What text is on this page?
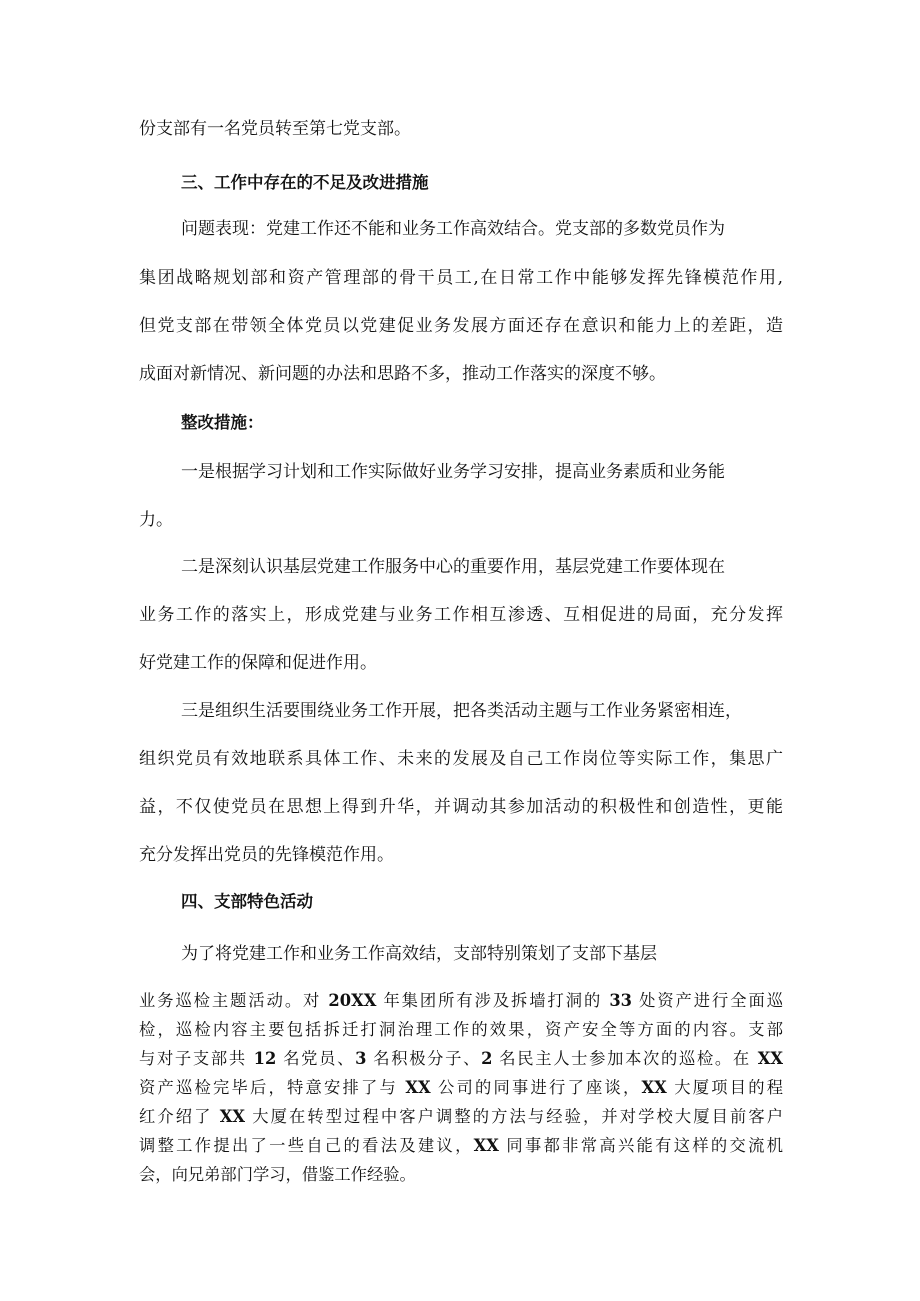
份支部有一名党员转至第七党支部。
三、工作中存在的不足及改进措施
问题表现：党建工作还不能和业务工作高效结合。党支部的多数党员作为
集团战略规划部和资产管理部的骨干员工,在日常工作中能够发挥先锋模范作用,
但党支部在带领全体党员以党建促业务发展方面还存在意识和能力上的差距，造
成面对新情况、新问题的办法和思路不多，推动工作落实的深度不够。
整改措施：
一是根据学习计划和工作实际做好业务学习安排，提高业务素质和业务能
力。
二是深刻认识基层党建工作服务中心的重要作用，基层党建工作要体现在
业务工作的落实上，形成党建与业务工作相互渗透、互相促进的局面，充分发挥
好党建工作的保障和促进作用。
三是组织生活要围绕业务工作开展，把各类活动主题与工作业务紧密相连，
组织党员有效地联系具体工作、未来的发展及自己工作岗位等实际工作，集思广
益，不仅使党员在思想上得到升华，并调动其参加活动的积极性和创造性，更能
充分发挥出党员的先锋模范作用。
四、支部特色活动
为了将党建工作和业务工作高效结，支部特别策划了支部下基层
业务巡检主题活动。对 20XX 年集团所有涉及拆墙打洞的 33 处资产进行全面巡
检，巡检内容主要包括拆迁打洞治理工作的效果，资产安全等方面的内容。支部
与对子支部共 12 名党员、3 名积极分子、2 名民主人士参加本次的巡检。在 XX
资产巡检完毕后，特意安排了与 XX 公司的同事进行了座谈，XX 大厦项目的程
红介绍了 XX 大厦在转型过程中客户调整的方法与经验，并对学校大厦目前客户
调整工作提出了一些自己的看法及建议，XX 同事都非常高兴能有这样的交流机
会，向兄弟部门学习，借鉴工作经验。
